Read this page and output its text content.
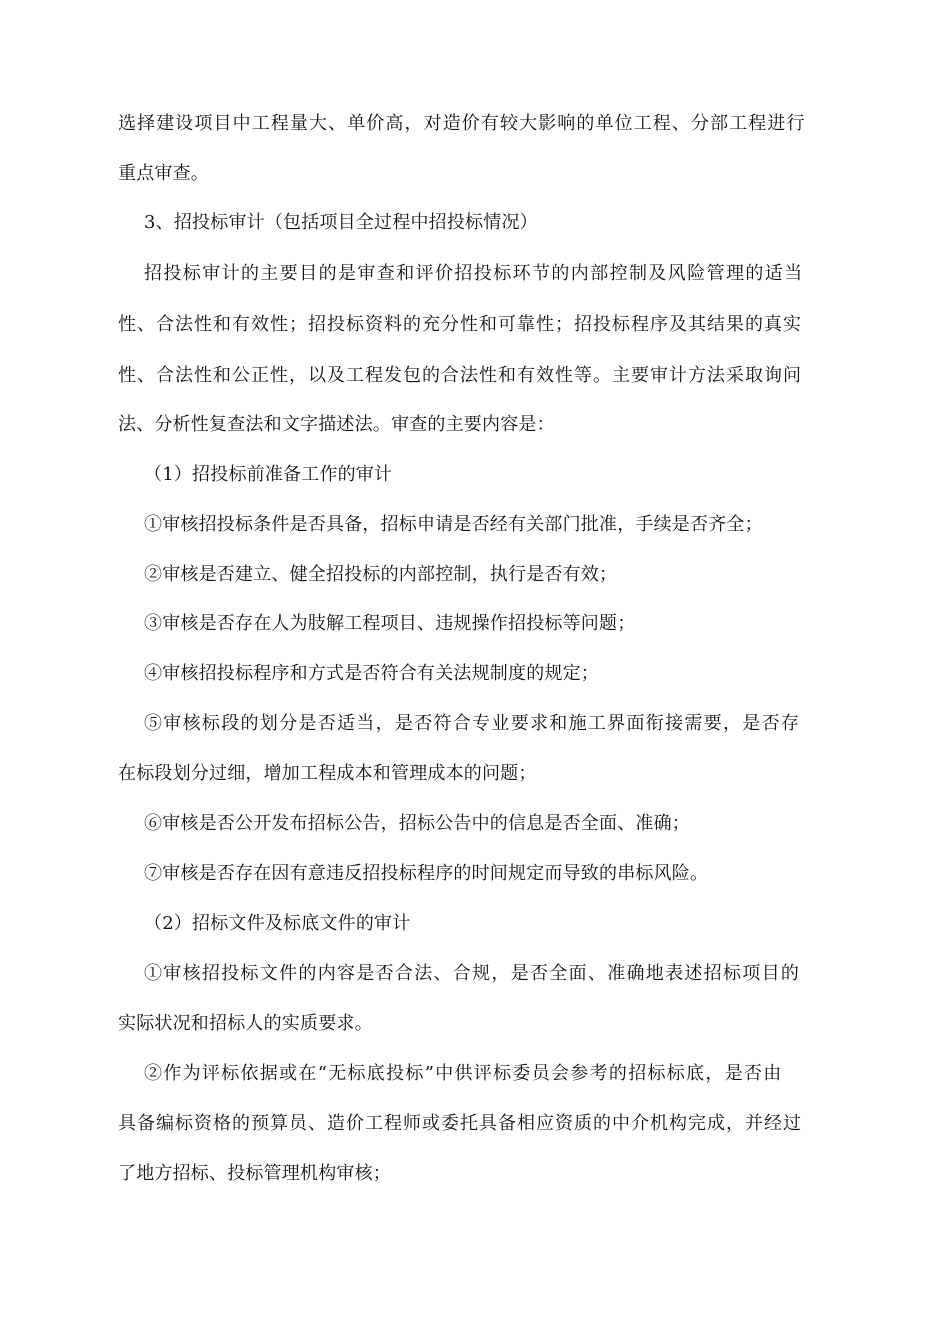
选择建设项目中工程量大、单价高，对造价有较大影响的单位工程、分部工程进行
重点审查。
3、招投标审计（包括项目全过程中招投标情况）
招投标审计的主要目的是审查和评价招投标环节的内部控制及风险管理的适当
性、合法性和有效性；招投标资料的充分性和可靠性；招投标程序及其结果的真实
性、合法性和公正性，以及工程发包的合法性和有效性等。主要审计方法采取询问
法、分析性复查法和文字描述法。审查的主要内容是：
（1）招投标前准备工作的审计
①审核招投标条件是否具备，招标申请是否经有关部门批准，手续是否齐全；
②审核是否建立、健全招投标的内部控制，执行是否有效；
③审核是否存在人为肢解工程项目、违规操作招投标等问题；
④审核招投标程序和方式是否符合有关法规制度的规定；
⑤审核标段的划分是否适当，是否符合专业要求和施工界面衔接需要，是否存
在标段划分过细，增加工程成本和管理成本的问题；
⑥审核是否公开发布招标公告，招标公告中的信息是否全面、准确；
⑦审核是否存在因有意违反招投标程序的时间规定而导致的串标风险。
（2）招标文件及标底文件的审计
①审核招投标文件的内容是否合法、合规，是否全面、准确地表述招标项目的
实际状况和招标人的实质要求。
②作为评标依据或在“无标底投标”中供评标委员会参考的招标标底，是否由
具备编标资格的预算员、造价工程师或委托具备相应资质的中介机构完成，并经过
了地方招标、投标管理机构审核；
